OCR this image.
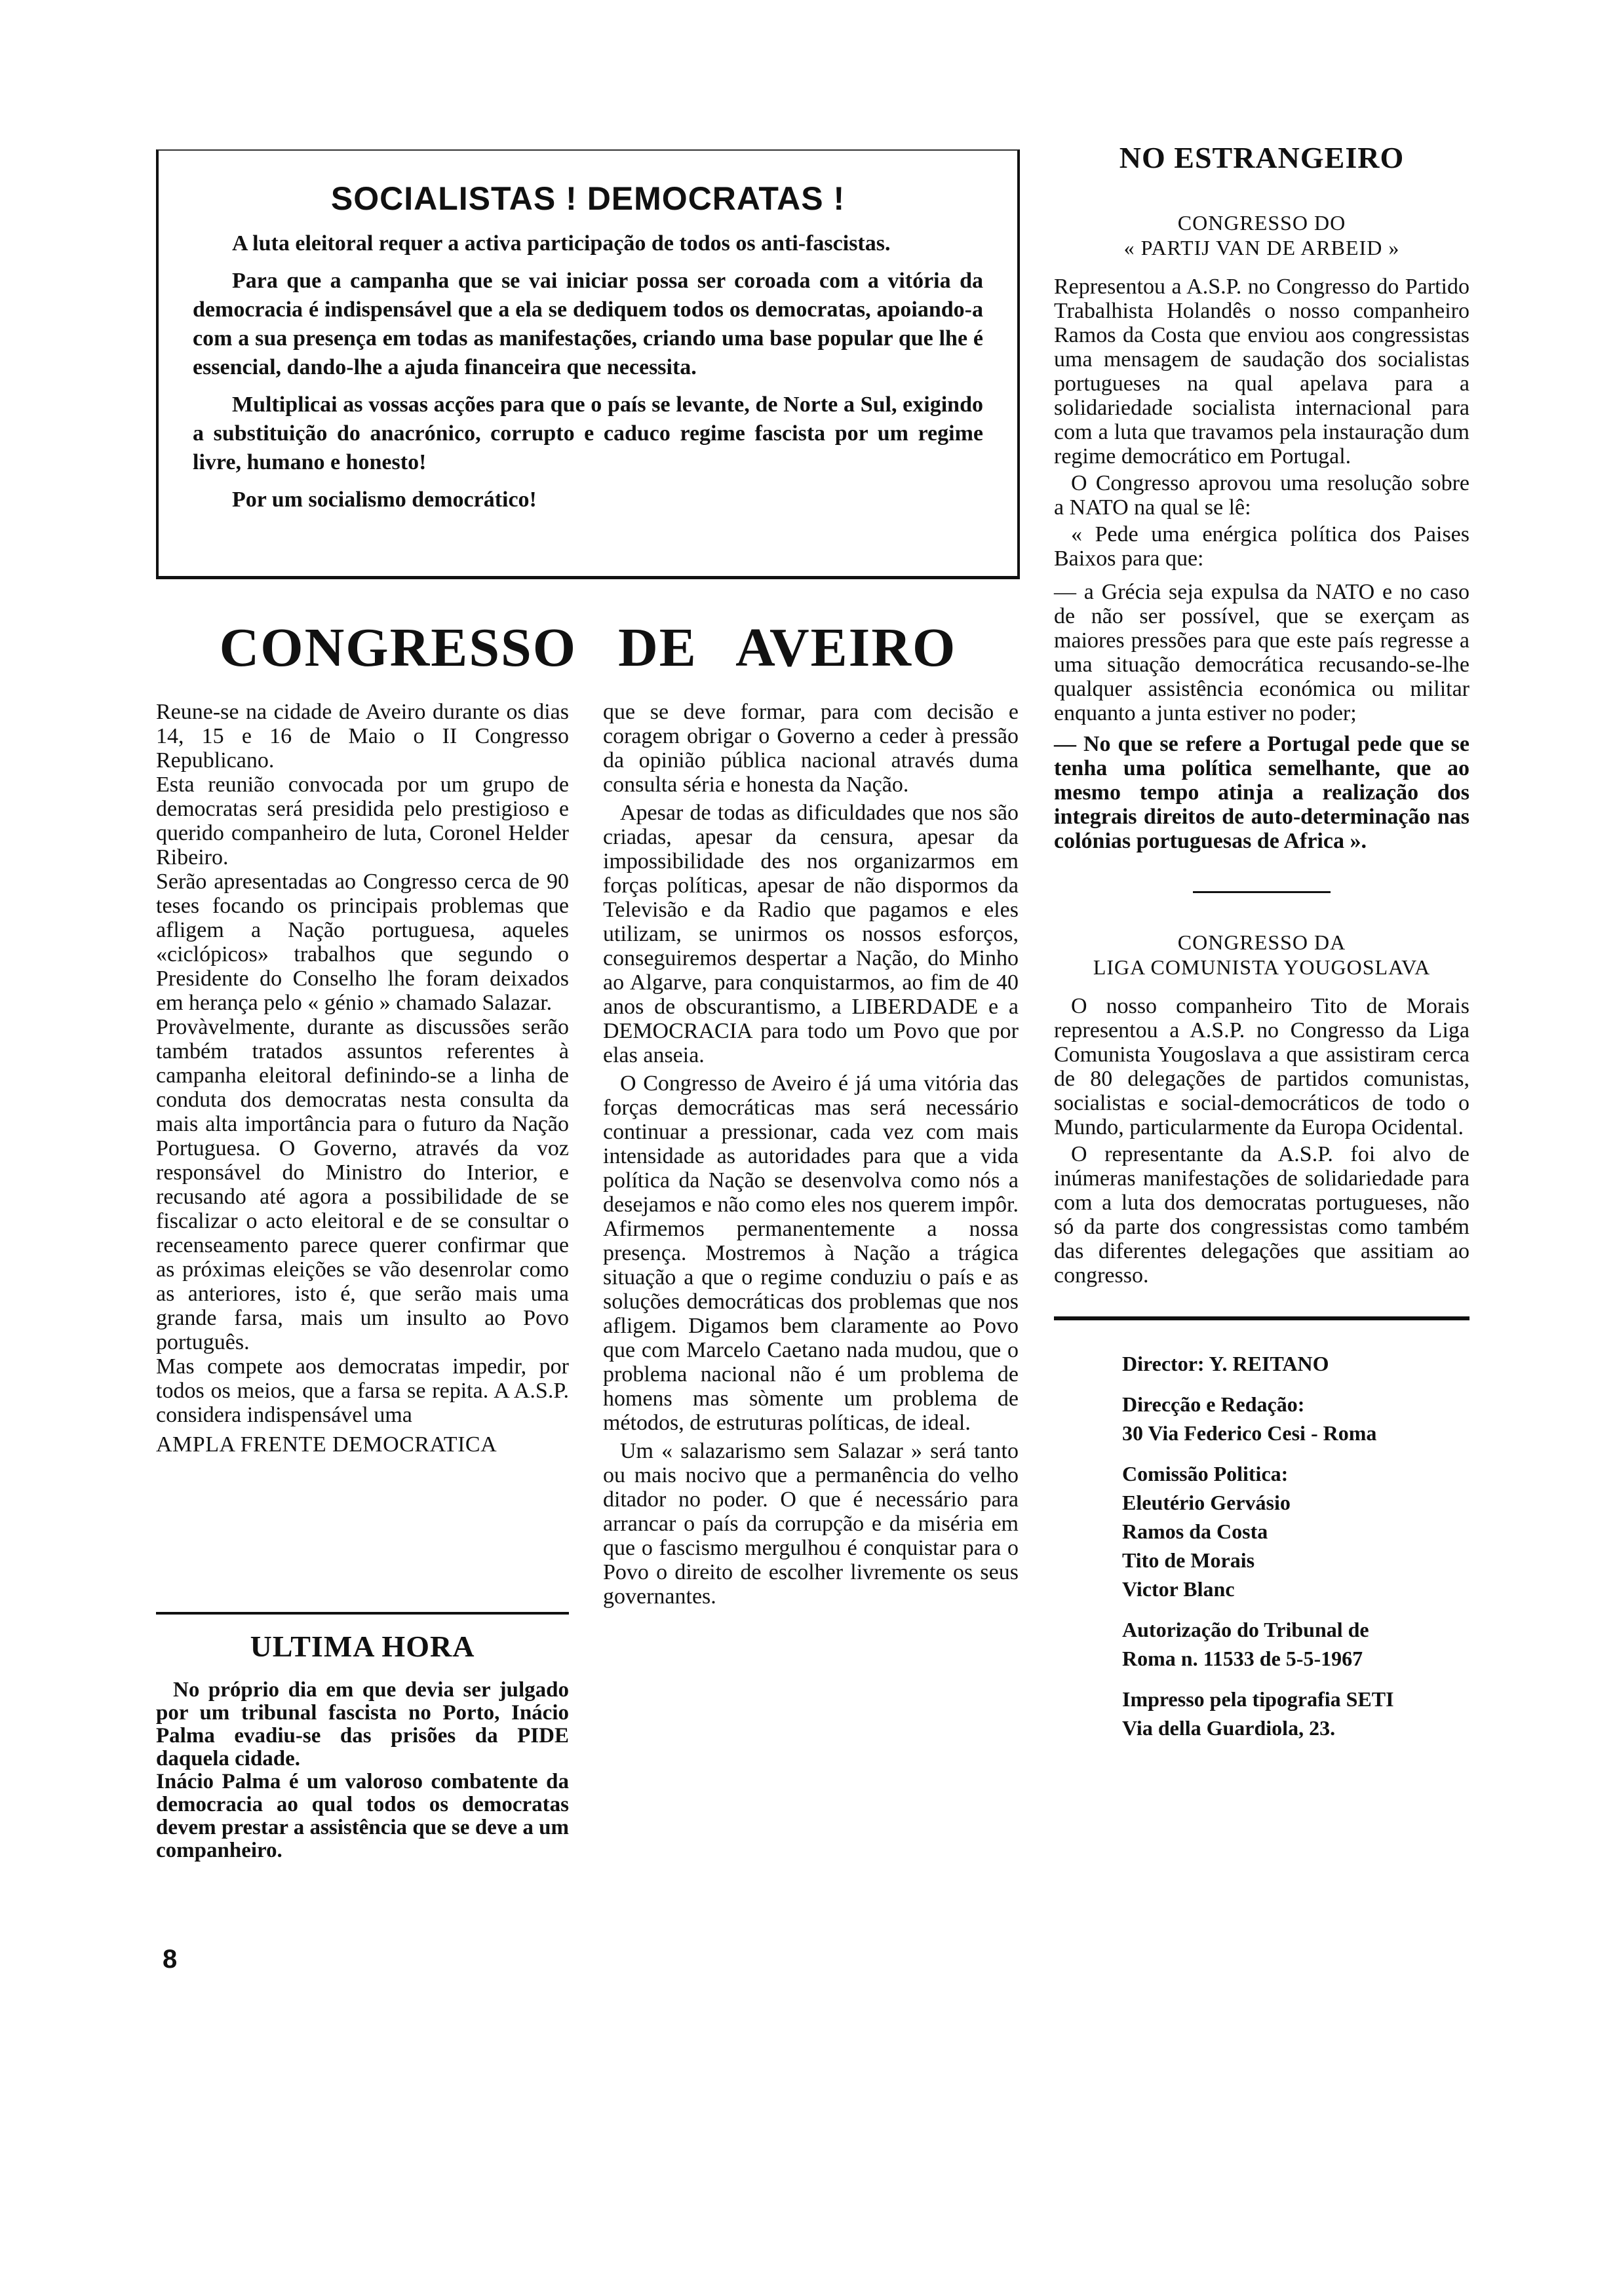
SOCIALISTAS ! DEMOCRATAS !

A luta eleitoral requer a activa participação de todos os anti-fascistas.

Para que a campanha que se vai iniciar possa ser coroada com a vitória da democracia é indispensável que a ela se dediquem todos os democratas, apoiando-a com a sua presença em todas as manifestações, criando uma base popular que lhe é essencial, dando-lhe a ajuda financeira que necessita.

Multiplicai as vossas acções para que o país se levante, de Norte a Sul, exigindo a substituição do anacrónico, corrupto e caduco regime fascista por um regime livre, humano e honesto!

Por um socialismo democrático!

CONGRESSO DE AVEIRO

Reune-se na cidade de Aveiro durante os dias 14, 15 e 16 de Maio o II Congresso Republicano.

Esta reunião convocada por um grupo de democratas será presidida pelo prestigioso e querido companheiro de luta, Coronel Helder Ribeiro.

Serão apresentadas ao Congresso cerca de 90 teses focando os principais problemas que afligem a Nação portuguesa, aqueles «ciclópicos» trabalhos que segundo o Presidente do Conselho lhe foram deixados em herança pelo « génio » chamado Salazar.

Provàvelmente, durante as discussões serão também tratados assuntos referentes à campanha eleitoral definindo-se a linha de conduta dos democratas nesta consulta da mais alta importância para o futuro da Nação Portuguesa. O Governo, através da voz responsável do Ministro do Interior, e recusando até agora a possibilidade de se fiscalizar o acto eleitoral e de se consultar o recenseamento parece querer confirmar que as próximas eleições se vão desenrolar como as anteriores, isto é, que serão mais uma grande farsa, mais um insulto ao Povo português.

Mas compete aos democratas impedir, por todos os meios, que a farsa se repita. A A.S.P. considera indispensável uma

AMPLA FRENTE DEMOCRATICA

que se deve formar, para com decisão e coragem obrigar o Governo a ceder à pressão da opinião pública nacional através duma consulta séria e honesta da Nação.

Apesar de todas as dificuldades que nos são criadas, apesar da censura, apesar da impossibilidade des nos organizarmos em forças políticas, apesar de não dispormos da Televisão e da Radio que pagamos e eles utilizam, se unirmos os nossos esforços, conseguiremos despertar a Nação, do Minho ao Algarve, para conquistarmos, ao fim de 40 anos de obscurantismo, a LIBERDADE e a DEMOCRACIA para todo um Povo que por elas anseia.

O Congresso de Aveiro é já uma vitória das forças democráticas mas será necessário continuar a pressionar, cada vez com mais intensidade as autoridades para que a vida política da Nação se desenvolva como nós a desejamos e não como eles nos querem impôr. Afirmemos permanentemente a nossa presença. Mostremos à Nação a trágica situação a que o regime conduziu o país e as soluções democráticas dos problemas que nos afligem. Digamos bem claramente ao Povo que com Marcelo Caetano nada mudou, que o problema nacional não é um problema de homens mas sòmente um problema de métodos, de estruturas políticas, de ideal.

Um « salazarismo sem Salazar » será tanto ou mais nocivo que a permanência do velho ditador no poder. O que é necessário para arrancar o país da corrupção e da miséria em que o fascismo mergulhou é conquistar para o Povo o direito de escolher livremente os seus governantes.

ULTIMA HORA

No próprio dia em que devia ser julgado por um tribunal fascista no Porto, Inácio Palma evadiu-se das prisões da PIDE daquela cidade.

Inácio Palma é um valoroso combatente da democracia ao qual todos os democratas devem prestar a assistência que se deve a um companheiro.

8
NO ESTRANGEIRO
CONGRESSO DO
« PARTIJ VAN DE ARBEID »

Representou a A.S.P. no Congresso do Partido Trabalhista Holandês o nosso companheiro Ramos da Costa que enviou aos congressistas uma mensagem de saudação dos socialistas portugueses na qual apelava para a solidariedade socialista internacional para com a luta que travamos pela instauração dum regime democrático em Portugal.

O Congresso aprovou uma resolução sobre a NATO na qual se lê:

« Pede uma enérgica política dos Paises Baixos para que:

— a Grécia seja expulsa da NATO e no caso de não ser possível, que se exerçam as maiores pressões para que este país regresse a uma situação democrática recusando-se-lhe qualquer assistência económica ou militar enquanto a junta estiver no poder;

— No que se refere a Portugal pede que se tenha uma política semelhante, que ao mesmo tempo atinja a realização dos integrais direitos de auto-determinação nas colónias portuguesas de Africa ».

CONGRESSO DA
LIGA COMUNISTA YOUGOSLAVA

O nosso companheiro Tito de Morais representou a A.S.P. no Congresso da Liga Comunista Yougoslava a que assistiram cerca de 80 delegações de partidos comunistas, socialistas e social-democráticos de todo o Mundo, particularmente da Europa Ocidental.

O representante da A.S.P. foi alvo de inúmeras manifestações de solidariedade para com a luta dos democratas portugueses, não só da parte dos congressistas como também das diferentes delegações que assitiam ao congresso.

Director: Y. REITANO
Direcção e Redação:
30 Via Federico Cesi - Roma
Comissão Politica:
Eleutério Gervásio
Ramos da Costa
Tito de Morais
Victor Blanc
Autorização do Tribunal de
Roma n. 11533 de 5-5-1967
Impresso pela tipografia SETI
Via della Guardiola, 23.
